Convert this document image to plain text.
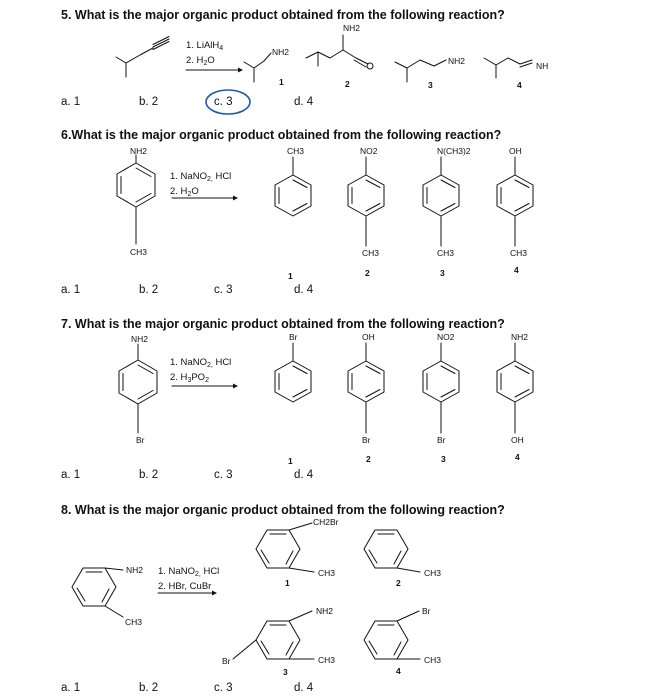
5. What is the major organic product obtained from the following reaction?
1. LiAlH$_4$
2. $H_2O$
NH2
NH2
NH2	NH
1	2	3	4
a. 1	b. 2	c. 3	d. 4
6.What is the major organic product obtained from the following reaction?
1. NaNO$_{2,}$ HCl
2. $H_2O$
NH2
CH3
CH3	NO2	N(CH3)2	OH
CH3	CH3	CH3
1	2	3	4
a. 1	b. 2	c. 3	d. 4
7. What is the major organic product obtained from the following reaction?
1. NaNO$_{2,}$ HCl
2. $H_3PO_2$
NH2
Br
Br	OH	NO2	NH2
Br	Br	OH
1	2	3	4
a. 1	b. 2	c. 3	d. 4
8. What is the major organic product obtained from the following reaction?
1. NaNO$_{2,}$ HCl
2. HBr, CuBr
NH2
CH3
CH2Br
CH3	CH3
NH2
Br	CH3
Br
CH3
1	2
3	4
a. 1	b. 2	c. 3	d. 4
